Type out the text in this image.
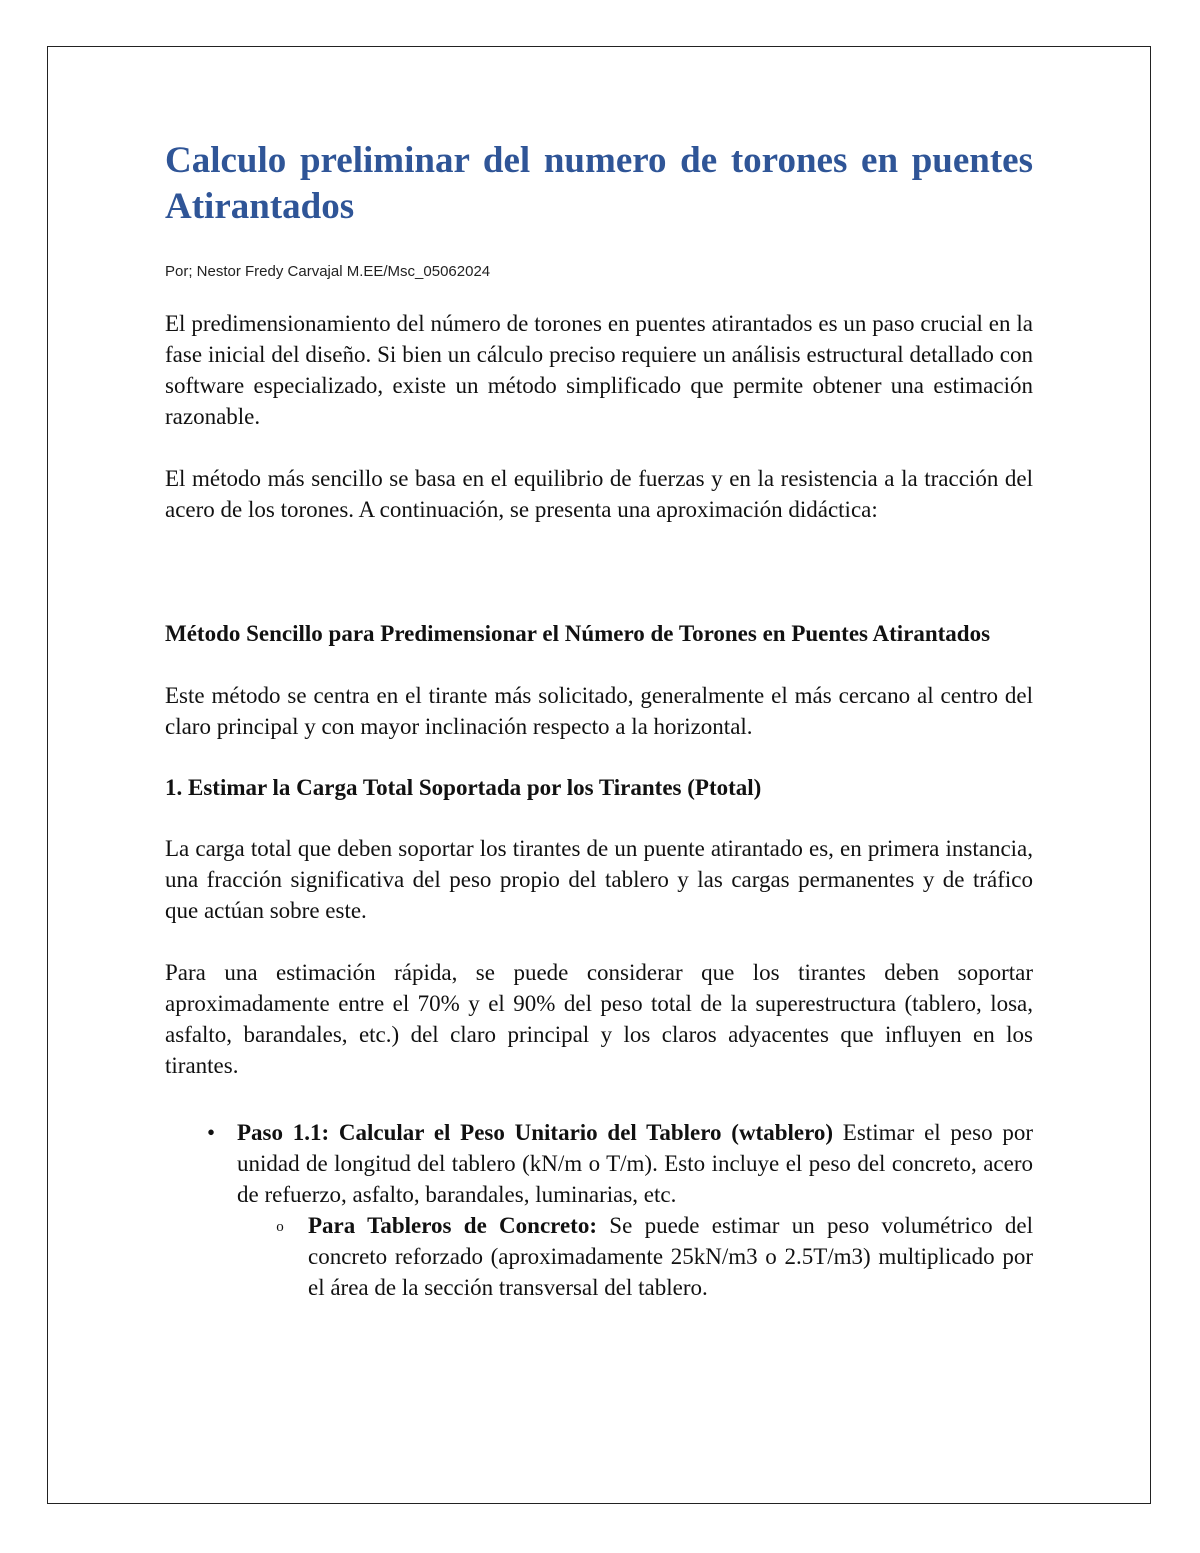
Calculo preliminar del numero de torones en puentes Atirantados
Por; Nestor Fredy Carvajal M.EE/Msc_05062024

El predimensionamiento del número de torones en puentes atirantados es un paso crucial en la fase inicial del diseño. Si bien un cálculo preciso requiere un análisis estructural detallado con software especializado, existe un método simplificado que permite obtener una estimación razonable.

El método más sencillo se basa en el equilibrio de fuerzas y en la resistencia a la tracción del acero de los torones. A continuación, se presenta una aproximación didáctica:

Método Sencillo para Predimensionar el Número de Torones en Puentes Atirantados

Este método se centra en el tirante más solicitado, generalmente el más cercano al centro del claro principal y con mayor inclinación respecto a la horizontal.

1. Estimar la Carga Total Soportada por los Tirantes (Ptotal)

La carga total que deben soportar los tirantes de un puente atirantado es, en primera instancia, una fracción significativa del peso propio del tablero y las cargas permanentes y de tráfico que actúan sobre este.

Para una estimación rápida, se puede considerar que los tirantes deben soportar aproximadamente entre el 70% y el 90% del peso total de la superestructura (tablero, losa, asfalto, barandales, etc.) del claro principal y los claros adyacentes que influyen en los tirantes.

• Paso 1.1: Calcular el Peso Unitario del Tablero (wtablero) Estimar el peso por unidad de longitud del tablero (kN/m o T/m). Esto incluye el peso del concreto, acero de refuerzo, asfalto, barandales, luminarias, etc.
o Para Tableros de Concreto: Se puede estimar un peso volumétrico del concreto reforzado (aproximadamente 25kN/m3 o 2.5T/m3) multiplicado por el área de la sección transversal del tablero.
